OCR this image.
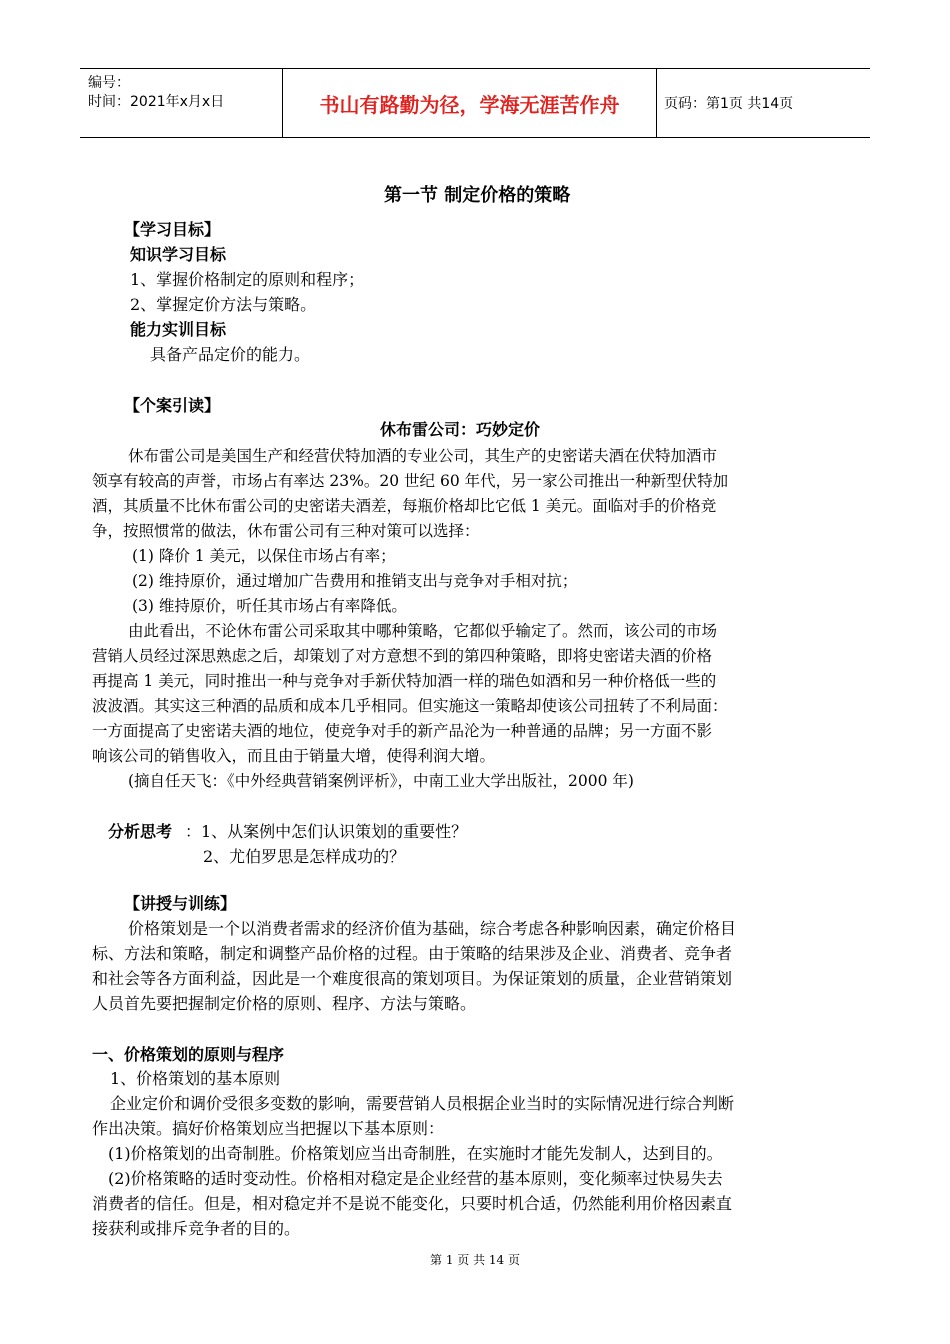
编号：
时间：2021年x月x日	书山有路勤为径，学海无涯苦作舟	页码：第1页 共14页
第一节 制定价格的策略
【学习目标】
知识学习目标
1、掌握价格制定的原则和程序；
2、掌握定价方法与策略。
能力实训目标
具备产品定价的能力。
【个案引读】
休布雷公司：巧妙定价
休布雷公司是美国生产和经营伏特加酒的专业公司，其生产的史密诺夫酒在伏特加酒市
领享有较高的声誉，市场占有率达 23%。20 世纪 60 年代，另一家公司推出一种新型伏特加
酒，其质量不比休布雷公司的史密诺夫酒差，每瓶价格却比它低 1 美元。面临对手的价格竞
争，按照惯常的做法，休布雷公司有三种对策可以选择：
(1) 降价 1 美元，以保住市场占有率；
(2) 维持原价，通过增加广告费用和推销支出与竞争对手相对抗；
(3) 维持原价，听任其市场占有率降低。
由此看出，不论休布雷公司采取其中哪种策略，它都似乎输定了。然而，该公司的市场
营销人员经过深思熟虑之后，却策划了对方意想不到的第四种策略，即将史密诺夫酒的价格
再提高 1 美元，同时推出一种与竞争对手新伏特加酒一样的瑞色如酒和另一种价格低一些的
波波酒。其实这三种酒的品质和成本几乎相同。但实施这一策略却使该公司扭转了不利局面：
一方面提高了史密诺夫酒的地位，使竞争对手的新产品沦为一种普通的品牌；另一方面不影
响该公司的销售收入，而且由于销量大增，使得利润大增。
(摘自任天飞：《中外经典营销案例评析》，中南工业大学出版社，2000 年)
分析思考 ：1、从案例中怎们认识策划的重要性？
2、尤伯罗思是怎样成功的？
【讲授与训练】
价格策划是一个以消费者需求的经济价值为基础，综合考虑各种影响因素，确定价格目
标、方法和策略，制定和调整产品价格的过程。由于策略的结果涉及企业、消费者、竞争者
和社会等各方面利益，因此是一个难度很高的策划项目。为保证策划的质量，企业营销策划
人员首先要把握制定价格的原则、程序、方法与策略。
一、价格策划的原则与程序
1、价格策划的基本原则
企业定价和调价受很多变数的影响，需要营销人员根据企业当时的实际情况进行综合判断
作出决策。搞好价格策划应当把握以下基本原则：
(1)价格策划的出奇制胜。价格策划应当出奇制胜，在实施时才能先发制人，达到目的。
(2)价格策略的适时变动性。价格相对稳定是企业经营的基本原则，变化频率过快易失去
消费者的信任。但是，相对稳定并不是说不能变化，只要时机合适，仍然能利用价格因素直
接获利或排斥竞争者的目的。
第 1 页 共 14 页
